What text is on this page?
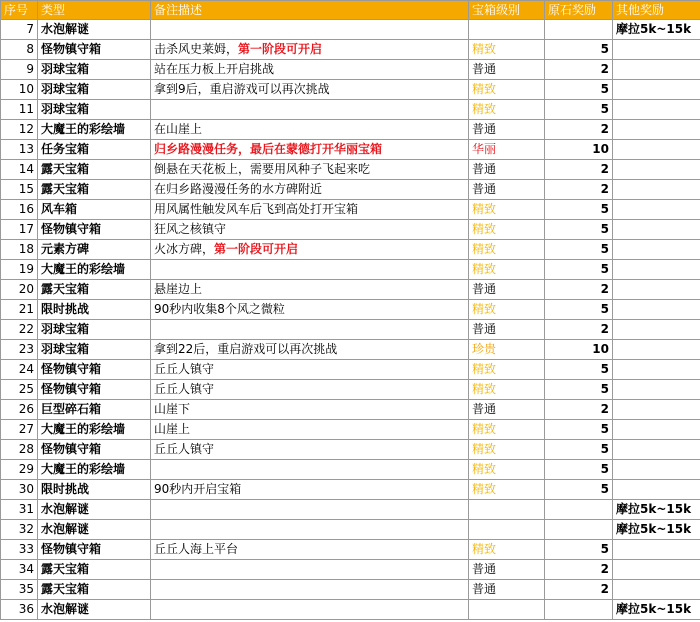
序号	类型	备注描述	宝箱级别	原石奖励	其他奖励
7	水泡解谜				摩拉5k~15k
8	怪物镇守箱	击杀风史莱姆，第一阶段可开启	精致	5	
9	羽球宝箱	站在压力板上开启挑战	普通	2	
10	羽球宝箱	拿到9后，重启游戏可以再次挑战	精致	5	
11	羽球宝箱		精致	5	
12	大魔王的彩绘墙	在山崖上	普通	2	
13	任务宝箱	归乡路漫漫任务，最后在蒙德打开华丽宝箱	华丽	10	
14	露天宝箱	倒悬在天花板上，需要用风种子飞起来吃	普通	2	
15	露天宝箱	在归乡路漫漫任务的水方碑附近	普通	2	
16	风车箱	用风属性触发风车后飞到高处打开宝箱	精致	5	
17	怪物镇守箱	狂风之核镇守	精致	5	
18	元素方碑	火冰方碑，第一阶段可开启	精致	5	
19	大魔王的彩绘墙		精致	5	
20	露天宝箱	悬崖边上	普通	2	
21	限时挑战	90秒内收集8个风之微粒	精致	5	
22	羽球宝箱		普通	2	
23	羽球宝箱	拿到22后，重启游戏可以再次挑战	珍贵	10	
24	怪物镇守箱	丘丘人镇守	精致	5	
25	怪物镇守箱	丘丘人镇守	精致	5	
26	巨型碎石箱	山崖下	普通	2	
27	大魔王的彩绘墙	山崖上	精致	5	
28	怪物镇守箱	丘丘人镇守	精致	5	
29	大魔王的彩绘墙		精致	5	
30	限时挑战	90秒内开启宝箱	精致	5	
31	水泡解谜				摩拉5k~15k
32	水泡解谜				摩拉5k~15k
33	怪物镇守箱	丘丘人海上平台	精致	5	
34	露天宝箱		普通	2	
35	露天宝箱		普通	2	
36	水泡解谜				摩拉5k~15k
